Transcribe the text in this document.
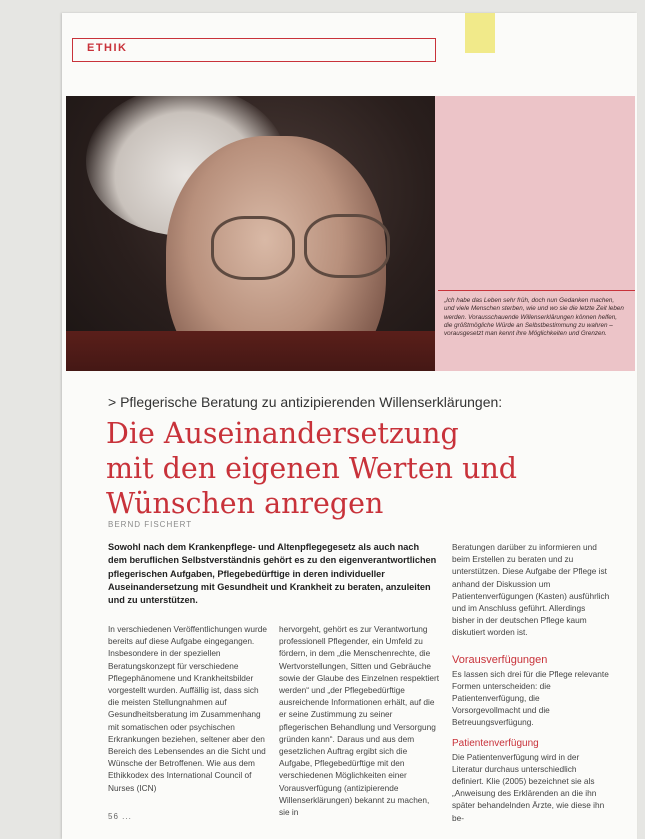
ETHIK
„Ich habe das Leben sehr früh, doch nun Gedanken machen, und viele Menschen sterben, wie und wo sie die letzte Zeit leben werden. Vorausschauende Willenserklärungen können helfen, die größtmögliche Würde an Selbstbestimmung zu wahren – vorausgesetzt man kennt ihre Möglichkeiten und Grenzen.
> Pflegerische Beratung zu antizipierenden Willenserklärungen:
Die Auseinandersetzung
mit den eigenen Werten und
Wünschen anregen
BERND FISCHERT
Sowohl nach dem Krankenpflege- und Altenpflegegesetz als auch nach dem beruflichen Selbstverständnis gehört es zu den eigenverantwortlichen pflegerischen Aufgaben, Pflegebedürftige in deren individueller Auseinandersetzung mit Gesundheit und Krankheit zu beraten, anzuleiten und zu unterstützen.
In verschiedenen Veröffentlichungen wurde bereits auf diese Aufgabe eingegangen. Insbesondere in der speziellen Beratungskonzept für verschiedene Pflegephänomene und Krankheitsbilder vorgestellt wurden. Auffällig ist, dass sich die meisten Stellungnahmen auf Gesundheitsberatung im Zusammenhang mit somatischen oder psychischen Erkrankungen beziehen, seltener aber den Bereich des Lebensendes an die Sicht und Wünsche der Betroffenen. Wie aus dem Ethikkodex des International Council of Nurses (ICN)
hervorgeht, gehört es zur Verantwortung professionell Pflegender, ein Umfeld zu fördern, in dem „die Menschenrechte, die Wertvorstellungen, Sitten und Gebräuche sowie der Glaube des Einzelnen respektiert werden“ und „der Pflegebedürftige ausreichende Informationen erhält, auf die er seine Zustimmung zu seiner pflegerischen Behandlung und Versorgung gründen kann“. Daraus und aus dem gesetzlichen Auftrag ergibt sich die Aufgabe, Pflegebedürftige mit den verschiedenen Möglichkeiten einer Vorausverfügung (antizipierende Willenserklärungen) bekannt zu machen, sie in
Beratungen darüber zu informieren und beim Erstellen zu beraten und zu unterstützen. Diese Aufgabe der Pflege ist anhand der Diskussion um Patientenverfügungen (Kasten) ausführlich und im Anschluss geführt. Allerdings bisher in der deutschen Pflege kaum diskutiert worden ist.
Vorausverfügungen
Es lassen sich drei für die Pflege relevante Formen unterscheiden: die Patientenverfügung, die Vorsorgevollmacht und die Betreuungsverfügung.
Patientenverfügung
Die Patientenverfügung wird in der Literatur durchaus unterschiedlich definiert. Klie (2005) bezeichnet sie als „Anweisung des Erklärenden an die ihn später behandelnden Ärzte, wie diese ihn be-
56 ...
